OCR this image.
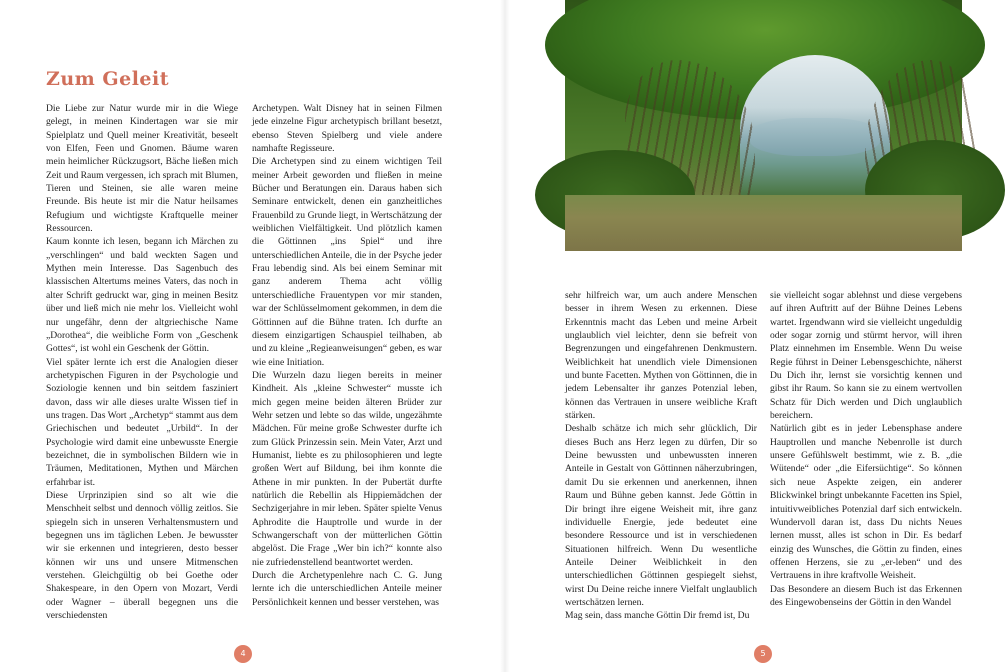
Zum Geleit

Die Liebe zur Natur wurde mir in die Wiege gelegt, in meinen Kindertagen war sie mir Spielplatz und Quell meiner Kreativität, beseelt von Elfen, Feen und Gnomen. Bäume waren mein heimlicher Rückzugsort, Bäche ließen mich Zeit und Raum vergessen, ich sprach mit Blumen, Tieren und Steinen, sie alle waren meine Freunde. Bis heute ist mir die Natur heilsames Refugium und wichtigste Kraftquelle meiner Ressourcen.

Kaum konnte ich lesen, begann ich Märchen zu „verschlingen“ und bald weckten Sagen und Mythen mein Interesse. Das Sagenbuch des klassischen Altertums meines Vaters, das noch in alter Schrift gedruckt war, ging in meinen Besitz über und ließ mich nie mehr los. Vielleicht wohl nur ungefähr, denn der altgriechische Name „Dorothea“, die weibliche Form von „Geschenk Gottes“, ist wohl ein Geschenk der Göttin.

Viel später lernte ich erst die Analogien dieser archetypischen Figuren in der Psychologie und Soziologie kennen und bin seitdem fasziniert davon, dass wir alle dieses uralte Wissen tief in uns tragen. Das Wort „Archetyp“ stammt aus dem Griechischen und bedeutet „Urbild“. In der Psychologie wird damit eine unbewusste Energie bezeichnet, die in symbolischen Bildern wie in Träumen, Meditationen, Mythen und Märchen erfahrbar ist.

Diese Urprinzipien sind so alt wie die Menschheit selbst und dennoch völlig zeitlos. Sie spiegeln sich in unseren Verhaltensmustern und begegnen uns im täglichen Leben. Je bewusster wir sie erkennen und integrieren, desto besser können wir uns und unsere Mitmenschen verstehen. Gleichgültig ob bei Goethe oder Shakespeare, in den Opern von Mozart, Verdi oder Wagner – überall begegnen uns die verschiedensten

Archetypen. Walt Disney hat in seinen Filmen jede einzelne Figur archetypisch brillant besetzt, ebenso Steven Spielberg und viele andere namhafte Regisseure.

Die Archetypen sind zu einem wichtigen Teil meiner Arbeit geworden und fließen in meine Bücher und Beratungen ein. Daraus haben sich Seminare entwickelt, denen ein ganzheitliches Frauenbild zu Grunde liegt, in Wertschätzung der weiblichen Vielfältigkeit. Und plötzlich kamen die Göttinnen „ins Spiel“ und ihre unterschiedlichen Anteile, die in der Psyche jeder Frau lebendig sind. Als bei einem Seminar mit ganz anderem Thema acht völlig unterschiedliche Frauentypen vor mir standen, war der Schlüsselmoment gekommen, in dem die Göttinnen auf die Bühne traten. Ich durfte an diesem einzigartigen Schauspiel teilhaben, ab und zu kleine „Regieanweisungen“ geben, es war wie eine Initiation.

Die Wurzeln dazu liegen bereits in meiner Kindheit. Als „kleine Schwester“ musste ich mich gegen meine beiden älteren Brüder zur Wehr setzen und lebte so das wilde, ungezähmte Mädchen. Für meine große Schwester durfte ich zum Glück Prinzessin sein. Mein Vater, Arzt und Humanist, liebte es zu philosophieren und legte großen Wert auf Bildung, bei ihm konnte die Athene in mir punkten. In der Pubertät durfte natürlich die Rebellin als Hippiemädchen der Sechzigerjahre in mir leben. Später spielte Venus Aphrodite die Hauptrolle und wurde in der Schwangerschaft von der mütterlichen Göttin abgelöst. Die Frage „Wer bin ich?“ konnte also nie zufriedenstellend beantwortet werden.

Durch die Archetypenlehre nach C. G. Jung lernte ich die unterschiedlichen Anteile meiner Persönlichkeit kennen und besser verstehen, was

sehr hilfreich war, um auch andere Menschen besser in ihrem Wesen zu erkennen. Diese Erkenntnis macht das Leben und meine Arbeit unglaublich viel leichter, denn sie befreit von Begrenzungen und eingefahrenen Denkmustern. Weiblichkeit hat unendlich viele Dimensionen und bunte Facetten. Mythen von Göttinnen, die in jedem Lebensalter ihr ganzes Potenzial leben, können das Vertrauen in unsere weibliche Kraft stärken.

Deshalb schätze ich mich sehr glücklich, Dir dieses Buch ans Herz legen zu dürfen, Dir so Deine bewussten und unbewussten inneren Anteile in Gestalt von Göttinnen näherzubringen, damit Du sie erkennen und anerkennen, ihnen Raum und Bühne geben kannst. Jede Göttin in Dir bringt ihre eigene Weisheit mit, ihre ganz individuelle Energie, jede bedeutet eine besondere Ressource und ist in verschiedenen Situationen hilfreich. Wenn Du wesentliche Anteile Deiner Weiblichkeit in den unterschiedlichen Göttinnen gespiegelt siehst, wirst Du Deine reiche innere Vielfalt unglaublich wertschätzen lernen.

Mag sein, dass manche Göttin Dir fremd ist, Du

sie vielleicht sogar ablehnst und diese vergebens auf ihren Auftritt auf der Bühne Deines Lebens wartet. Irgendwann wird sie vielleicht ungeduldig oder sogar zornig und stürmt hervor, will ihren Platz einnehmen im Ensemble. Wenn Du weise Regie führst in Deiner Lebensgeschichte, näherst Du Dich ihr, lernst sie vorsichtig kennen und gibst ihr Raum. So kann sie zu einem wertvollen Schatz für Dich werden und Dich unglaublich bereichern.

Natürlich gibt es in jeder Lebensphase andere Hauptrollen und manche Nebenrolle ist durch unsere Gefühlswelt bestimmt, wie z. B. „die Wütende“ oder „die Eifersüchtige“. So können sich neue Aspekte zeigen, ein anderer Blickwinkel bringt unbekannte Facetten ins Spiel, intuitivweibliches Potenzial darf sich entwickeln. Wundervoll daran ist, dass Du nichts Neues lernen musst, alles ist schon in Dir. Es bedarf einzig des Wunsches, die Göttin zu finden, eines offenen Herzens, sie zu „er-leben“ und des Vertrauens in ihre kraftvolle Weisheit.

Das Besondere an diesem Buch ist das Erkennen des Eingewobenseins der Göttin in den Wandel

4	5
